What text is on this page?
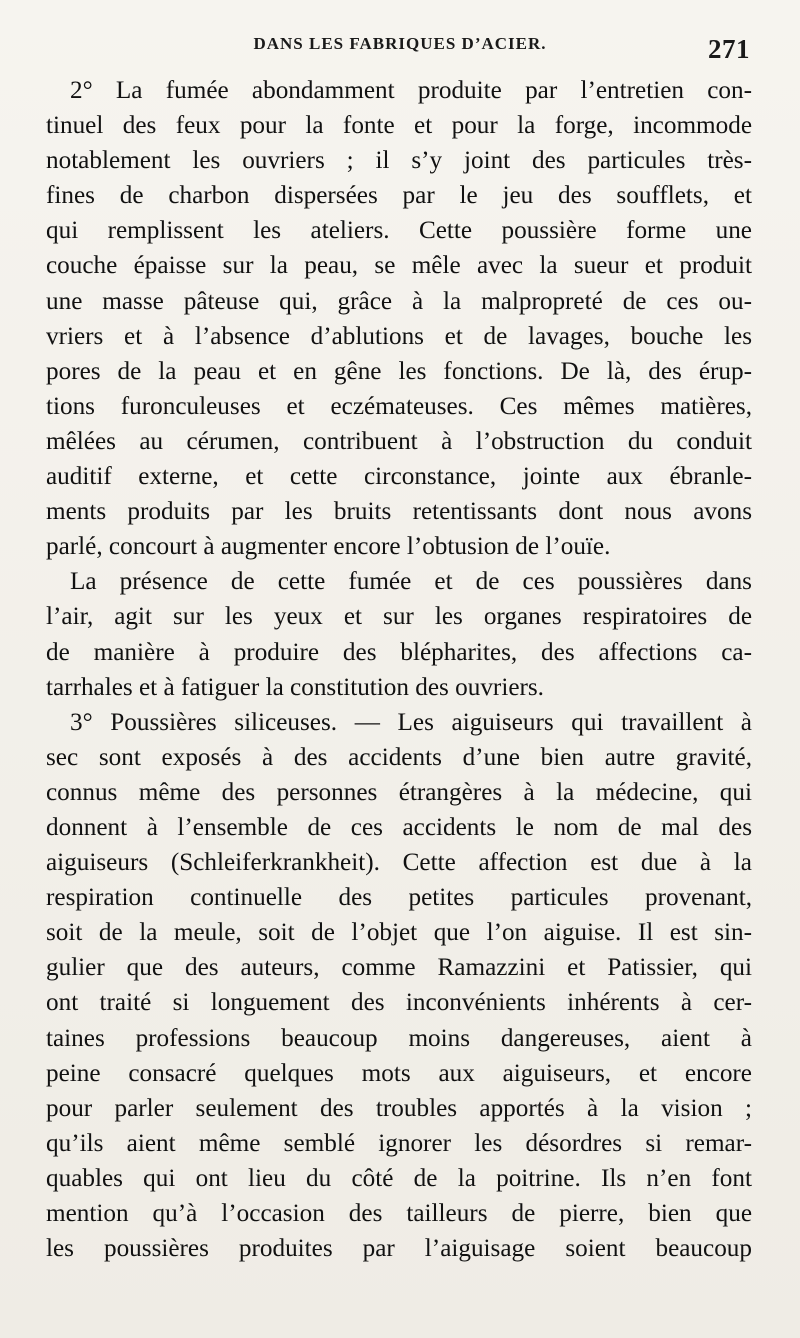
DANS LES FABRIQUES D’ACIER.	271
2° La fumée abondamment produite par l’entretien con-
tinuel des feux pour la fonte et pour la forge, incommode
notablement les ouvriers ; il s’y joint des particules très-
fines de charbon dispersées par le jeu des soufflets, et
qui remplissent les ateliers. Cette poussière forme une
couche épaisse sur la peau, se mêle avec la sueur et produit
une masse pâteuse qui, grâce à la malpropreté de ces ou-
vriers et à l’absence d’ablutions et de lavages, bouche les
pores de la peau et en gêne les fonctions. De là, des érup-
tions furonculeuses et eczémateuses. Ces mêmes matières,
mêlées au cérumen, contribuent à l’obstruction du conduit
auditif externe, et cette circonstance, jointe aux ébranle-
ments produits par les bruits retentissants dont nous avons
parlé, concourt à augmenter encore l’obtusion de l’ouïe.
La présence de cette fumée et de ces poussières dans
l’air, agit sur les yeux et sur les organes respiratoires de
de manière à produire des blépharites, des affections ca-
tarrhales et à fatiguer la constitution des ouvriers.
3° Poussières siliceuses. — Les aiguiseurs qui travaillent à
sec sont exposés à des accidents d’une bien autre gravité,
connus même des personnes étrangères à la médecine, qui
donnent à l’ensemble de ces accidents le nom de mal des
aiguiseurs (Schleiferkrankheit). Cette affection est due à la
respiration continuelle des petites particules provenant,
soit de la meule, soit de l’objet que l’on aiguise. Il est sin-
gulier que des auteurs, comme Ramazzini et Patissier, qui
ont traité si longuement des inconvénients inhérents à cer-
taines professions beaucoup moins dangereuses, aient à
peine consacré quelques mots aux aiguiseurs, et encore
pour parler seulement des troubles apportés à la vision ;
qu’ils aient même semblé ignorer les désordres si remar-
quables qui ont lieu du côté de la poitrine. Ils n’en font
mention qu’à l’occasion des tailleurs de pierre, bien que
les poussières produites par l’aiguisage soient beaucoup
